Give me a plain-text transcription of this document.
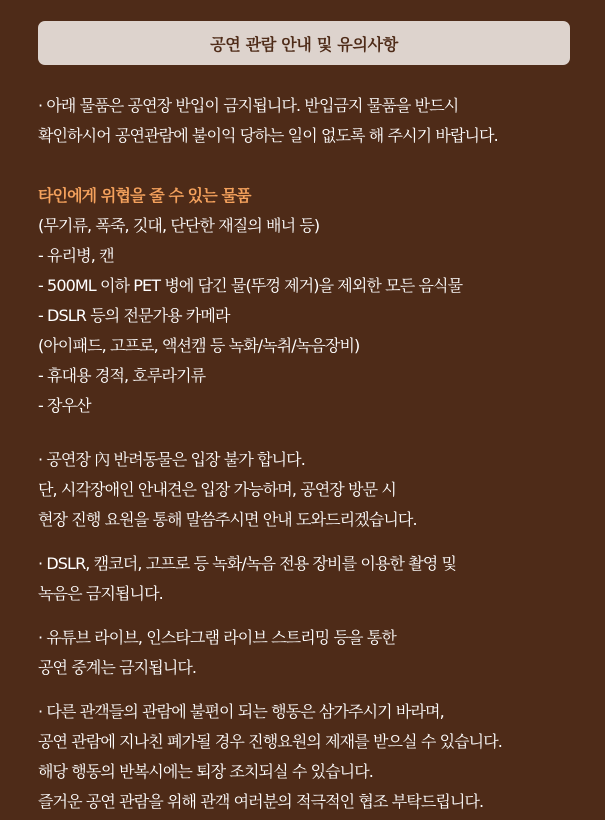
공연 관람 안내 및 유의사항
· 아래 물품은 공연장 반입이 금지됩니다. 반입금지 물품을 반드시
확인하시어 공연관람에 불이익 당하는 일이 없도록 해 주시기 바랍니다.
타인에게 위협을 줄 수 있는 물품
(무기류, 폭죽, 깃대, 단단한 재질의 배너 등)
- 유리병, 캔
- 500ML 이하 PET 병에 담긴 물(뚜껑 제거)을 제외한 모든 음식물
- DSLR 등의 전문가용 카메라
(아이패드, 고프로, 액션캠 등 녹화/녹취/녹음장비)
- 휴대용 경적, 호루라기류
- 장우산
· 공연장 內 반려동물은 입장 불가 합니다.
단, 시각장애인 안내견은 입장 가능하며, 공연장 방문 시
현장 진행 요원을 통해 말씀주시면 안내 도와드리겠습니다.
· DSLR, 캠코더, 고프로 등 녹화/녹음 전용 장비를 이용한 촬영 및
녹음은 금지됩니다.
· 유튜브 라이브, 인스타그램 라이브 스트리밍 등을 통한
공연 중계는 금지됩니다.
· 다른 관객들의 관람에 불편이 되는 행동은 삼가주시기 바라며,
공연 관람에 지나친 폐가될 경우 진행요원의 제재를 받으실 수 있습니다.
해당 행동의 반복시에는 퇴장 조치되실 수 있습니다.
즐거운 공연 관람을 위해 관객 여러분의 적극적인 협조 부탁드립니다.
